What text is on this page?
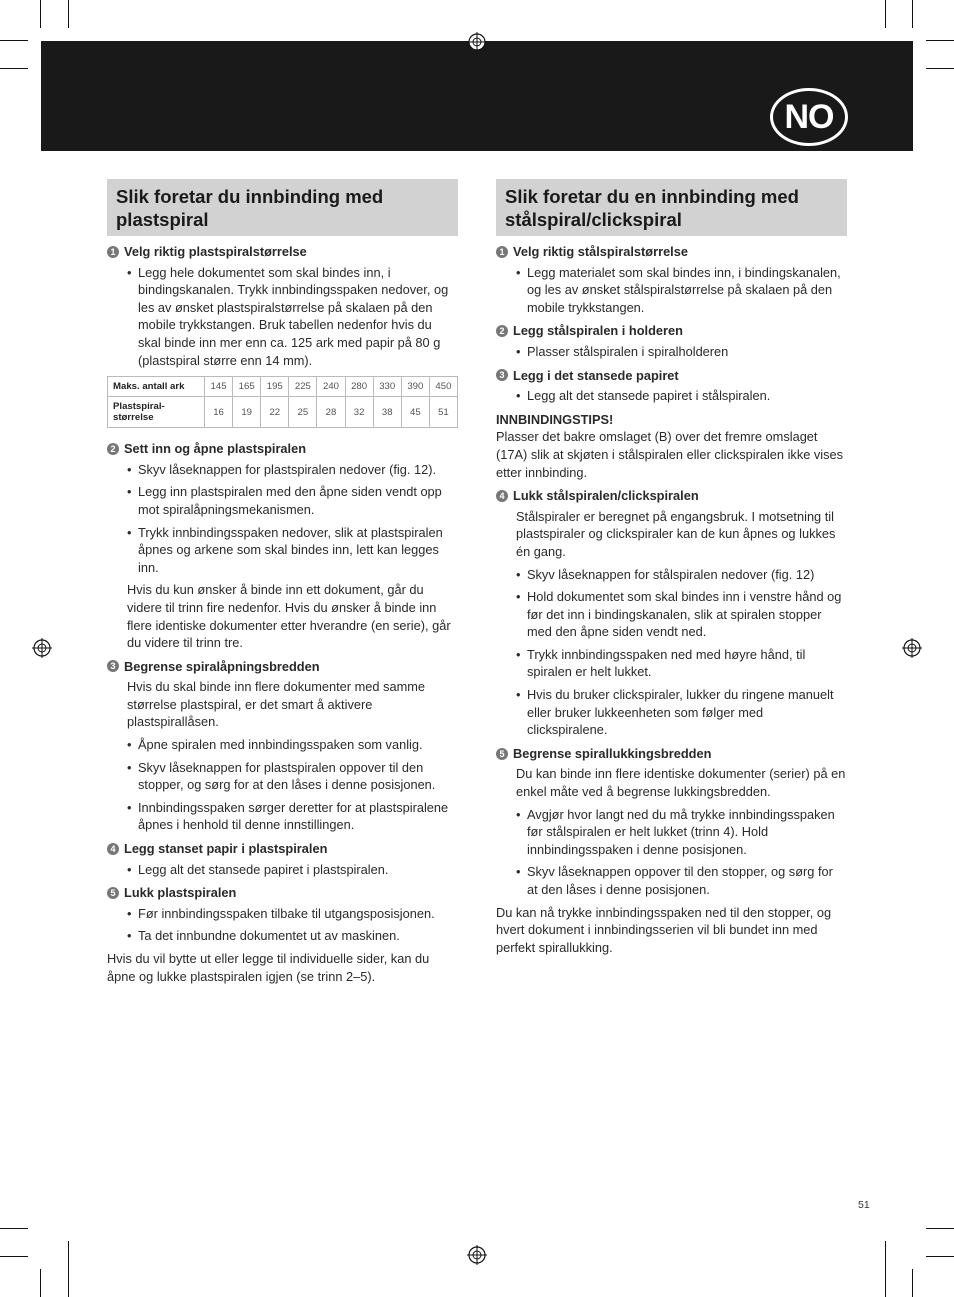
NO
Slik foretar du innbinding med plastspiral
1 Velg riktig plastspiralstørrelse
• Legg hele dokumentet som skal bindes inn, i bindingskanalen. Trykk innbindingsspaken nedover, og les av ønsket plastspiralstørrelse på skalaen på den mobile trykkstangen. Bruk tabellen nedenfor hvis du skal binde inn mer enn ca. 125 ark med papir på 80 g (plastspiral større enn 14 mm).
Maks. antall ark	145	165	195	225	240	280	330	390	450
Plastspiral-størrelse	16	19	22	25	28	32	38	45	51
2 Sett inn og åpne plastspiralen
• Skyv låseknappen for plastspiralen nedover (fig. 12).
• Legg inn plastspiralen med den åpne siden vendt opp mot spiralåpningsmekanismen.
• Trykk innbindingsspaken nedover, slik at plastspiralen åpnes og arkene som skal bindes inn, lett kan legges inn.
Hvis du kun ønsker å binde inn ett dokument, går du videre til trinn fire nedenfor. Hvis du ønsker å binde inn flere identiske dokumenter etter hverandre (en serie), går du videre til trinn tre.
3 Begrense spiralåpningsbredden
Hvis du skal binde inn flere dokumenter med samme størrelse plastspiral, er det smart å aktivere plastspirallåsen.
• Åpne spiralen med innbindingsspaken som vanlig.
• Skyv låseknappen for plastspiralen oppover til den stopper, og sørg for at den låses i denne posisjonen.
• Innbindingsspaken sørger deretter for at plastspiralene åpnes i henhold til denne innstillingen.
4 Legg stanset papir i plastspiralen
• Legg alt det stansede papiret i plastspiralen.
5 Lukk plastspiralen
• Før innbindingsspaken tilbake til utgangsposisjonen.
• Ta det innbundne dokumentet ut av maskinen.
Hvis du vil bytte ut eller legge til individuelle sider, kan du åpne og lukke plastspiralen igjen (se trinn 2–5).
Slik foretar du en innbinding med stålspiral/clickspiral
1 Velg riktig stålspiralstørrelse
• Legg materialet som skal bindes inn, i bindingskanalen, og les av ønsket stålspiralstørrelse på skalaen på den mobile trykkstangen.
2 Legg stålspiralen i holderen
• Plasser stålspiralen i spiralholderen
3 Legg i det stansede papiret
• Legg alt det stansede papiret i stålspiralen.
INNBINDINGSTIPS!
Plasser det bakre omslaget (B) over det fremre omslaget (17A) slik at skjøten i stålspiralen eller clickspiralen ikke vises etter innbinding.
4 Lukk stålspiralen/clickspiralen
Stålspiraler er beregnet på engangsbruk. I motsetning til plastspiraler og clickspiraler kan de kun åpnes og lukkes én gang.
• Skyv låseknappen for stålspiralen nedover (fig. 12)
• Hold dokumentet som skal bindes inn i venstre hånd og før det inn i bindingskanalen, slik at spiralen stopper med den åpne siden vendt ned.
• Trykk innbindingsspaken ned med høyre hånd, til spiralen er helt lukket.
• Hvis du bruker clickspiraler, lukker du ringene manuelt eller bruker lukkeenheten som følger med clickspiralene.
5 Begrense spirallukkingsbredden
Du kan binde inn flere identiske dokumenter (serier) på en enkel måte ved å begrense lukkingsbredden.
• Avgjør hvor langt ned du må trykke innbindingsspaken før stålspiralen er helt lukket (trinn 4). Hold innbindingsspaken i denne posisjonen.
• Skyv låseknappen oppover til den stopper, og sørg for at den låses i denne posisjonen.
Du kan nå trykke innbindingsspaken ned til den stopper, og hvert dokument i innbindingsserien vil bli bundet inn med perfekt spirallukking.
51
